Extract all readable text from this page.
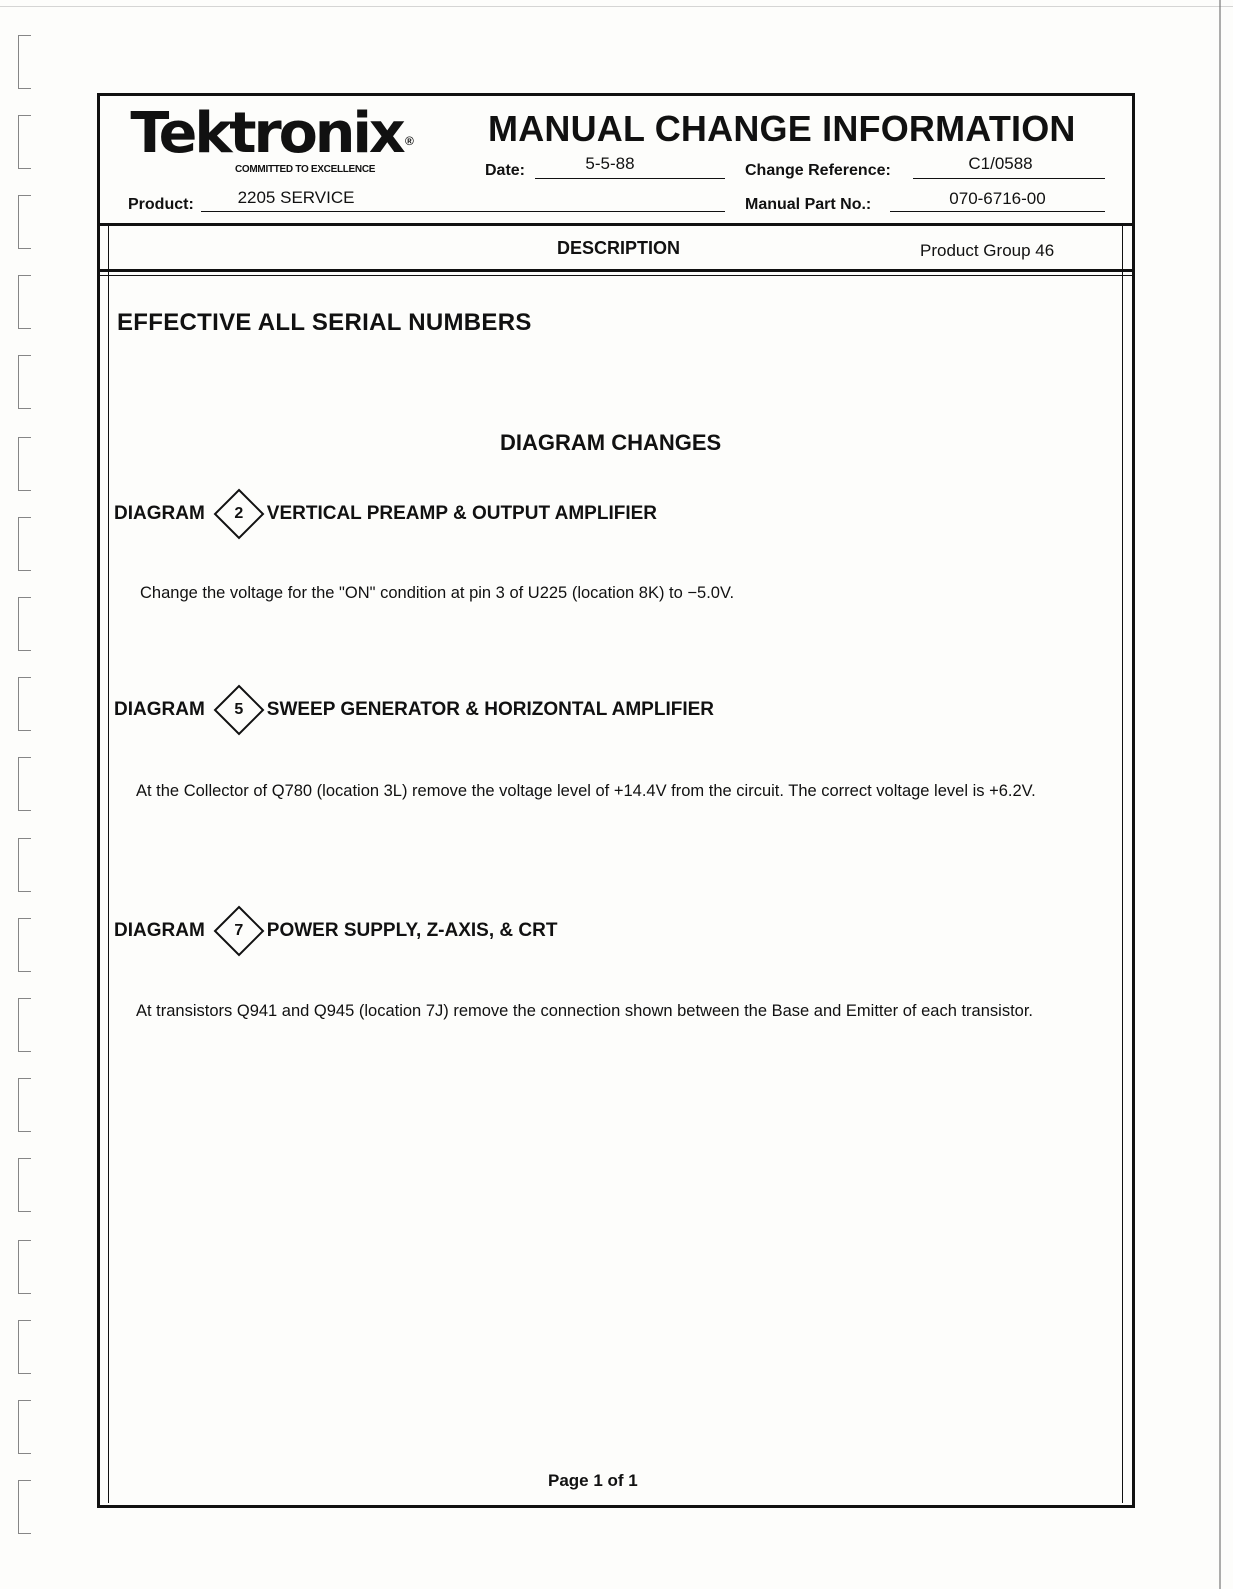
Tektronix ®
COMMITTED TO EXCELLENCE
MANUAL CHANGE INFORMATION
Date:	5-5-88	Change Reference:	C1/0588
Product:	2205 SERVICE	Manual Part No.:	070-6716-00
DESCRIPTION	Product Group 46
EFFECTIVE ALL SERIAL NUMBERS
DIAGRAM CHANGES
DIAGRAM	2	VERTICAL PREAMP & OUTPUT AMPLIFIER
Change the voltage for the "ON" condition at pin 3 of U225 (location 8K) to −5.0V.
DIAGRAM	5	SWEEP GENERATOR & HORIZONTAL AMPLIFIER
At the Collector of Q780 (location 3L) remove the voltage level of +14.4V from the circuit. The correct voltage level is +6.2V.
DIAGRAM	7	POWER SUPPLY, Z-AXIS, & CRT
At transistors Q941 and Q945 (location 7J) remove the connection shown between the Base and Emitter of each transistor.
Page 1 of 1
